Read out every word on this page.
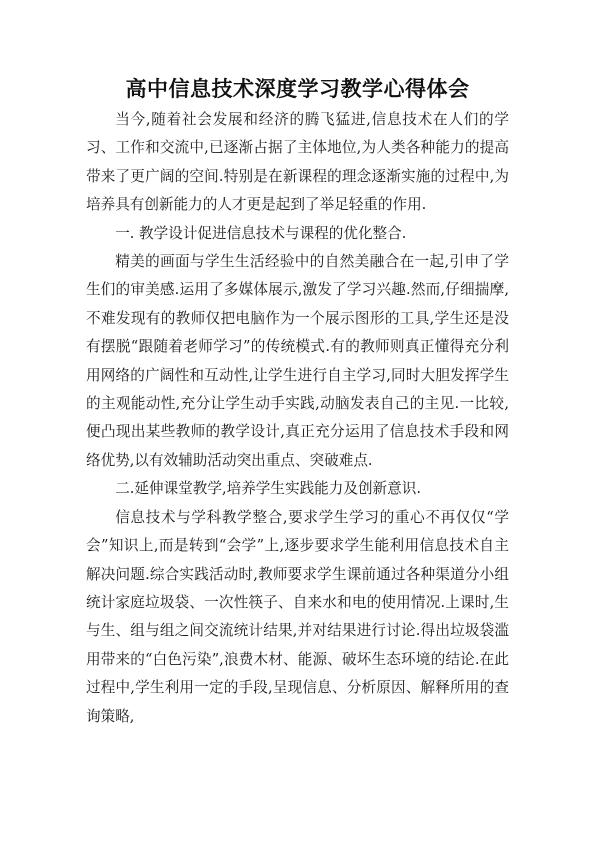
高中信息技术深度学习教学心得体会

当今,随着社会发展和经济的腾飞猛进,信息技术在人们的学习、工作和交流中,已逐渐占据了主体地位,为人类各种能力的提高带来了更广阔的空间.特别是在新课程的理念逐渐实施的过程中,为培养具有创新能力的人才更是起到了举足轻重的作用.

一. 教学设计促进信息技术与课程的优化整合.

精美的画面与学生生活经验中的自然美融合在一起,引申了学生们的审美感.运用了多媒体展示,激发了学习兴趣.然而,仔细揣摩,不难发现有的教师仅把电脑作为一个展示图形的工具,学生还是没有摆脱“跟随着老师学习”的传统模式.有的教师则真正懂得充分利用网络的广阔性和互动性,让学生进行自主学习,同时大胆发挥学生的主观能动性,充分让学生动手实践,动脑发表自己的主见.一比较,便凸现出某些教师的教学设计,真正充分运用了信息技术手段和网络优势,以有效辅助活动突出重点、突破难点.

二.延伸课堂教学,培养学生实践能力及创新意识.

信息技术与学科教学整合,要求学生学习的重心不再仅仅“学会”知识上,而是转到“会学”上,逐步要求学生能利用信息技术自主解决问题.综合实践活动时,教师要求学生课前通过各种渠道分小组统计家庭垃圾袋、一次性筷子、自来水和电的使用情况.上课时,生与生、组与组之间交流统计结果,并对结果进行讨论.得出垃圾袋滥用带来的“白色污染”,浪费木材、能源、破坏生态环境的结论.在此过程中,学生利用一定的手段,呈现信息、分析原因、解释所用的查询策略,
